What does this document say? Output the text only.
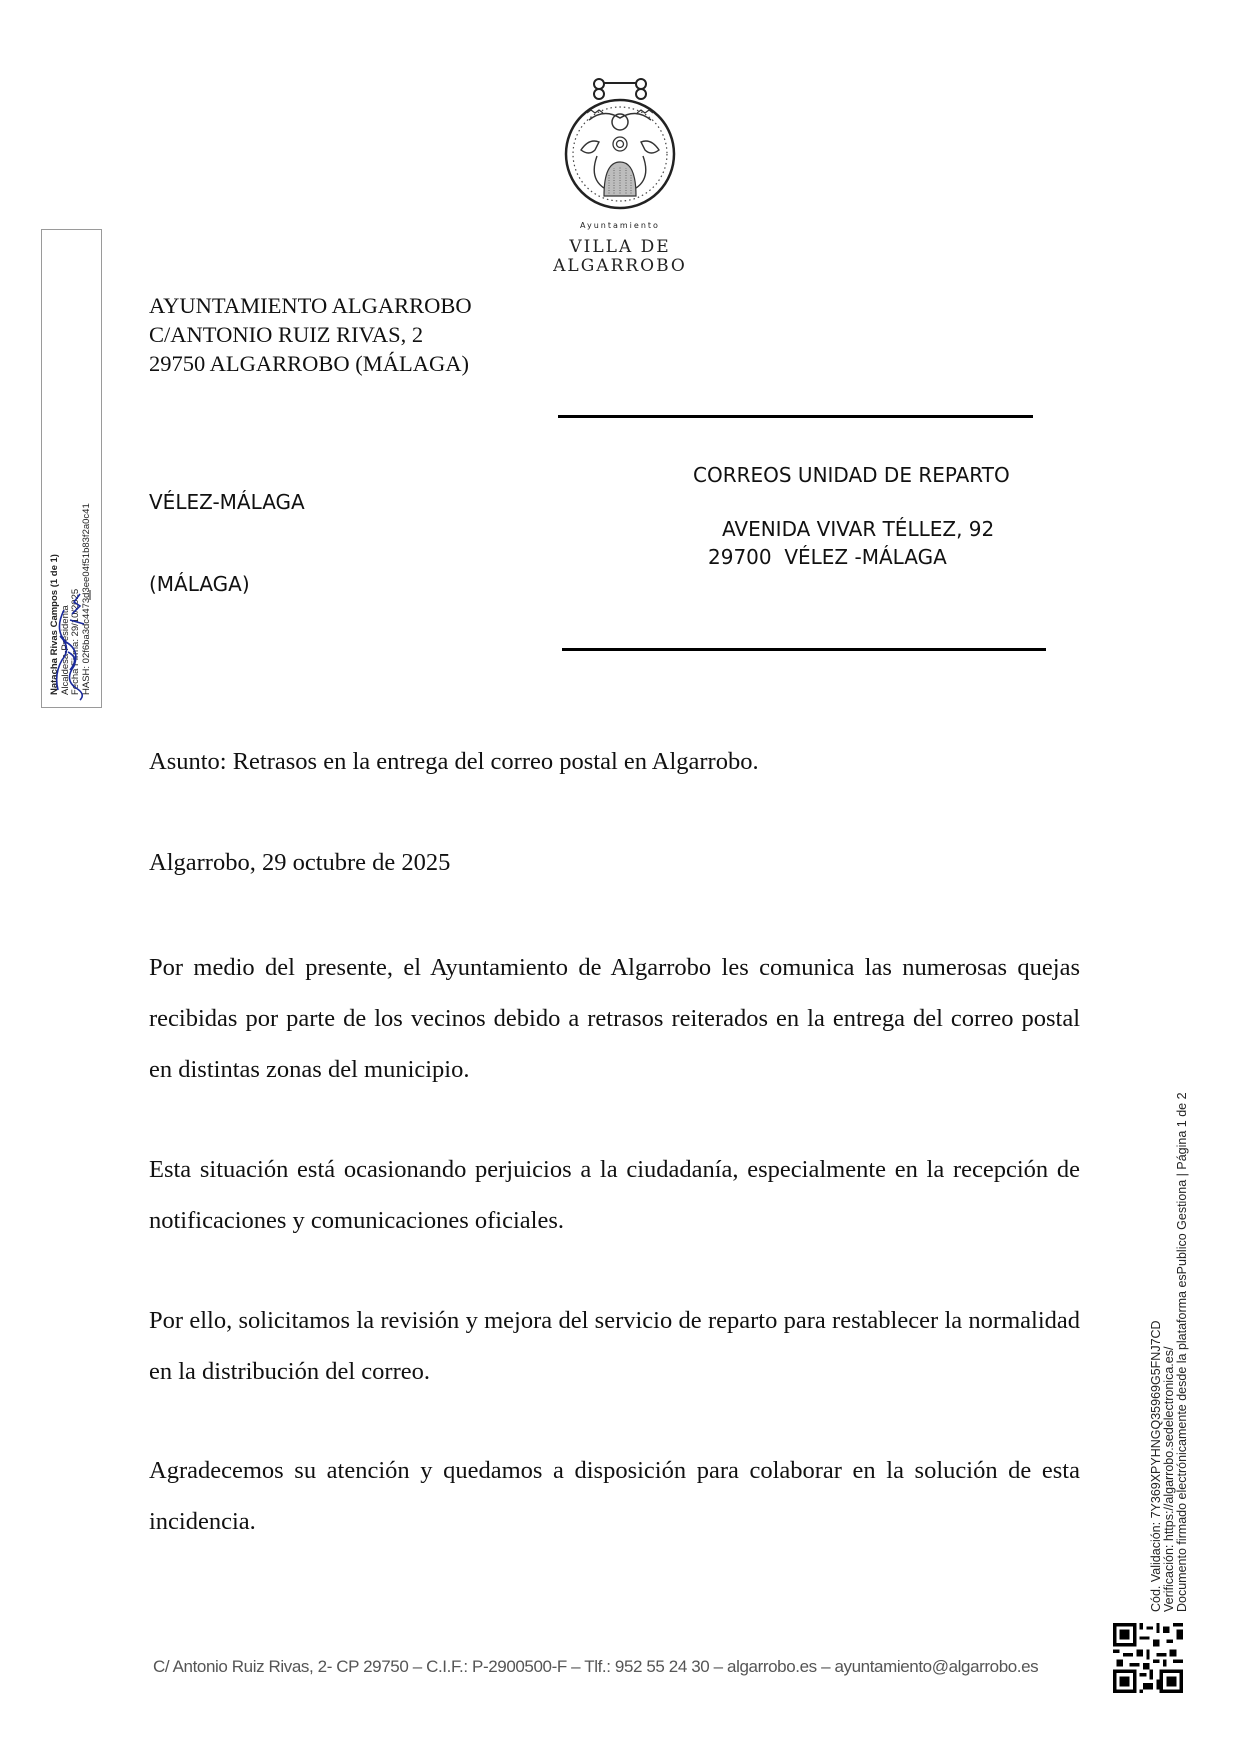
Ayuntamiento
VILLA DE
ALGARROBO
Natacha Rivas Campos (1 de 1) Alcaldesa-Presidenta Fecha Firma: 29/10/2025 HASH: 02f6ba3dc4473d3ee04f51b83f2a0c41
AYUNTAMIENTO ALGARROBO
C/ANTONIO RUIZ RIVAS, 2
29750 ALGARROBO (MÁLAGA)
VÉLEZ-MÁLAGA
(MÁLAGA)
CORREOS UNIDAD DE REPARTO
AVENIDA VIVAR TÉLLEZ, 92
29700  VÉLEZ -MÁLAGA
Asunto: Retrasos en la entrega del correo postal en Algarrobo.
Algarrobo, 29 octubre de 2025
Por medio del presente, el Ayuntamiento de Algarrobo les comunica las numerosas quejas recibidas por parte de los vecinos debido a retrasos reiterados en la entrega del correo postal en distintas zonas del municipio.
Esta situación está ocasionando perjuicios a la ciudadanía, especialmente en la recepción de notificaciones y comunicaciones oficiales.
Por ello, solicitamos la revisión y mejora del servicio de reparto para restablecer la normalidad en la distribución del correo.
Agradecemos su atención y quedamos a disposición para colaborar en la solución de esta incidencia.
C/ Antonio Ruiz Rivas, 2- CP 29750 – C.I.F.: P-2900500-F – Tlf.: 952 55 24 30 – algarrobo.es – ayuntamiento@algarrobo.es
Cód. Validación: 7Y369XPYHNGQ35969G5FNJ7CD Verificación: https://algarrobo.sedelectronica.es/ Documento firmado electrónicamente desde la plataforma esPublico Gestiona | Página 1 de 2
